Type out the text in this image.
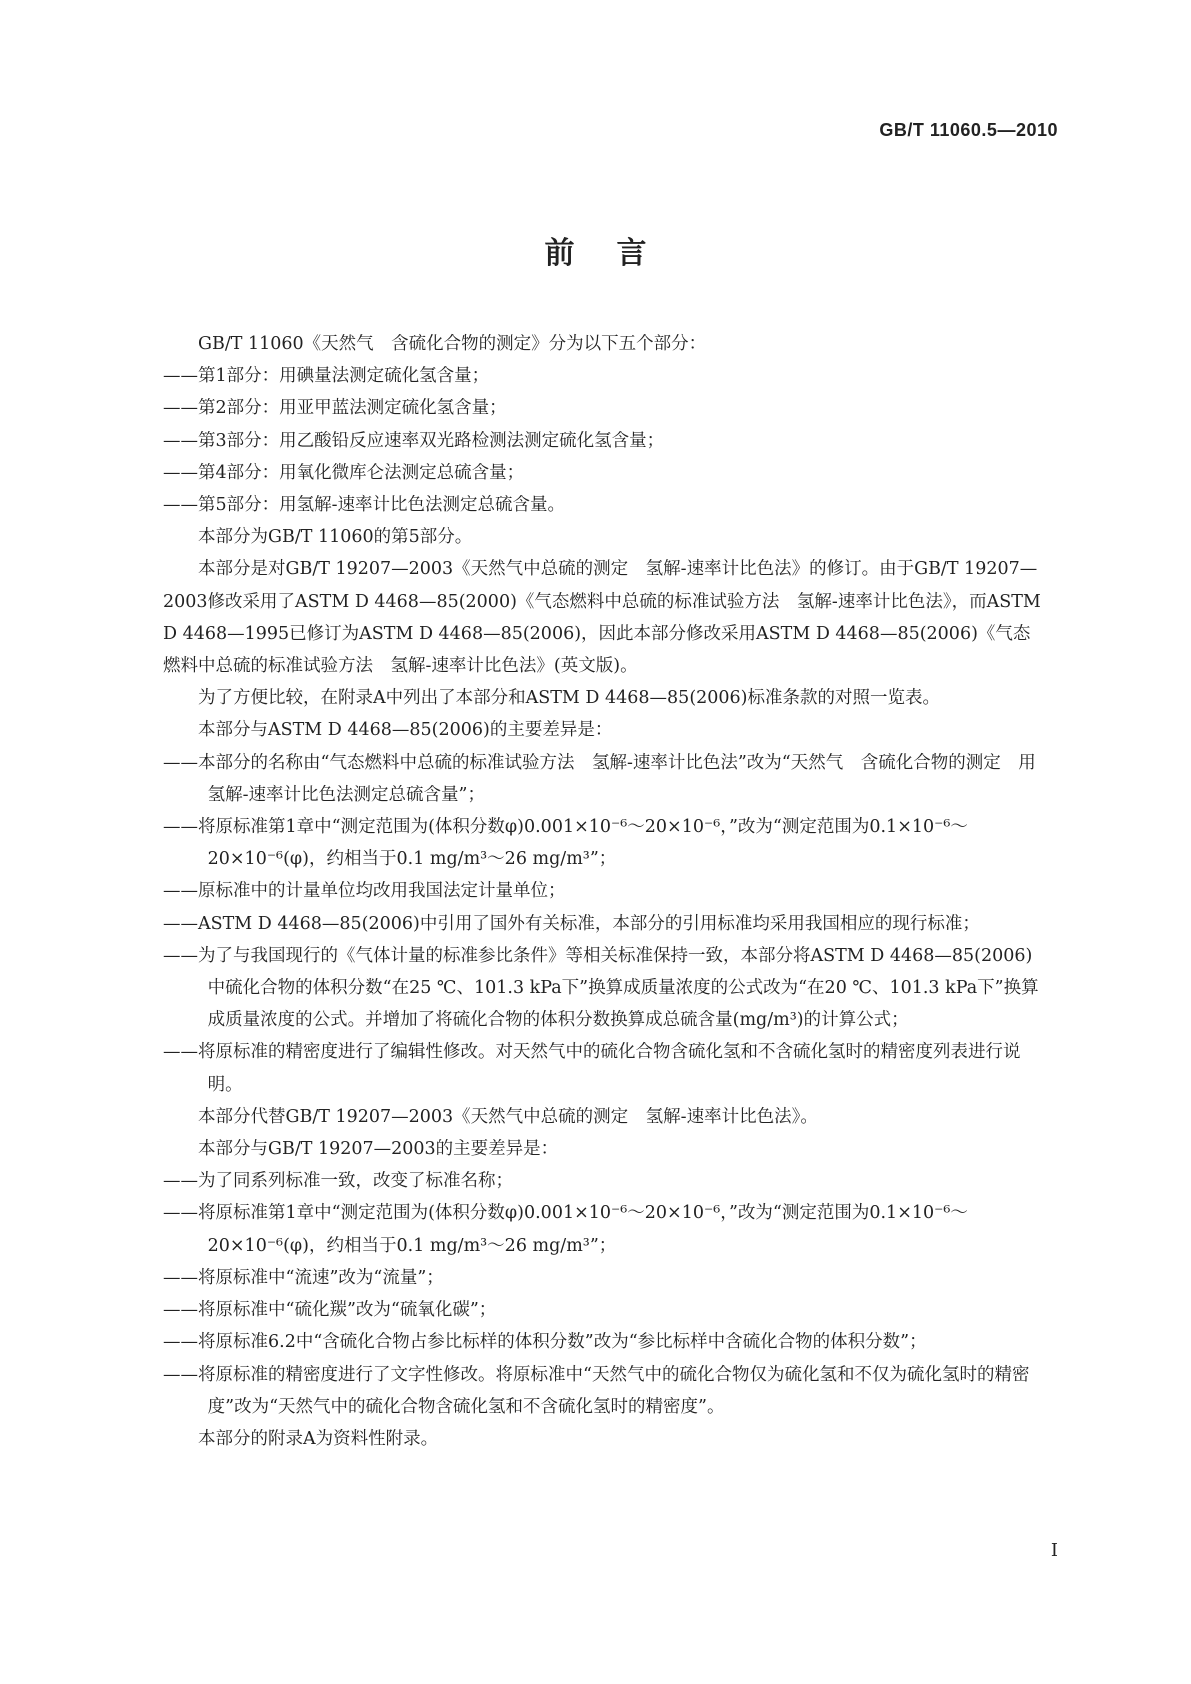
GB/T 11060.5—2010
前言
GB/T 11060《天然气　含硫化合物的测定》分为以下五个部分：
——第1部分：用碘量法测定硫化氢含量；
——第2部分：用亚甲蓝法测定硫化氢含量；
——第3部分：用乙酸铅反应速率双光路检测法测定硫化氢含量；
——第4部分：用氧化微库仑法测定总硫含量；
——第5部分：用氢解-速率计比色法测定总硫含量。
本部分为GB/T 11060的第5部分。
本部分是对GB/T 19207—2003《天然气中总硫的测定　氢解-速率计比色法》的修订。由于GB/T 19207—2003修改采用了ASTM D 4468—85(2000)《气态燃料中总硫的标准试验方法　氢解-速率计比色法》，而ASTM D 4468—1995已修订为ASTM D 4468—85(2006)，因此本部分修改采用ASTM D 4468—85(2006)《气态燃料中总硫的标准试验方法　氢解-速率计比色法》(英文版)。
为了方便比较，在附录A中列出了本部分和ASTM D 4468—85(2006)标准条款的对照一览表。
本部分与ASTM D 4468—85(2006)的主要差异是：
——本部分的名称由“气态燃料中总硫的标准试验方法　氢解-速率计比色法”改为“天然气　含硫化合物的测定　用氢解-速率计比色法测定总硫含量”；
——将原标准第1章中“测定范围为(体积分数φ)0.001×10⁻⁶～20×10⁻⁶，”改为“测定范围为0.1×10⁻⁶～20×10⁻⁶(φ)，约相当于0.1 mg/m³～26 mg/m³”；
——原标准中的计量单位均改用我国法定计量单位；
——ASTM D 4468—85(2006)中引用了国外有关标准，本部分的引用标准均采用我国相应的现行标准；
——为了与我国现行的《气体计量的标准参比条件》等相关标准保持一致，本部分将ASTM D 4468—85(2006)中硫化合物的体积分数“在25 ℃、101.3 kPa下”换算成质量浓度的公式改为“在20 ℃、101.3 kPa下”换算成质量浓度的公式。并增加了将硫化合物的体积分数换算成总硫含量(mg/m³)的计算公式；
——将原标准的精密度进行了编辑性修改。对天然气中的硫化合物含硫化氢和不含硫化氢时的精密度列表进行说明。
本部分代替GB/T 19207—2003《天然气中总硫的测定　氢解-速率计比色法》。
本部分与GB/T 19207—2003的主要差异是：
——为了同系列标准一致，改变了标准名称；
——将原标准第1章中“测定范围为(体积分数φ)0.001×10⁻⁶～20×10⁻⁶，”改为“测定范围为0.1×10⁻⁶～20×10⁻⁶(φ)，约相当于0.1 mg/m³～26 mg/m³”；
——将原标准中“流速”改为“流量”；
——将原标准中“硫化羰”改为“硫氧化碳”；
——将原标准6.2中“含硫化合物占参比标样的体积分数”改为“参比标样中含硫化合物的体积分数”；
——将原标准的精密度进行了文字性修改。将原标准中“天然气中的硫化合物仅为硫化氢和不仅为硫化氢时的精密度”改为“天然气中的硫化合物含硫化氢和不含硫化氢时的精密度”。
本部分的附录A为资料性附录。
I
